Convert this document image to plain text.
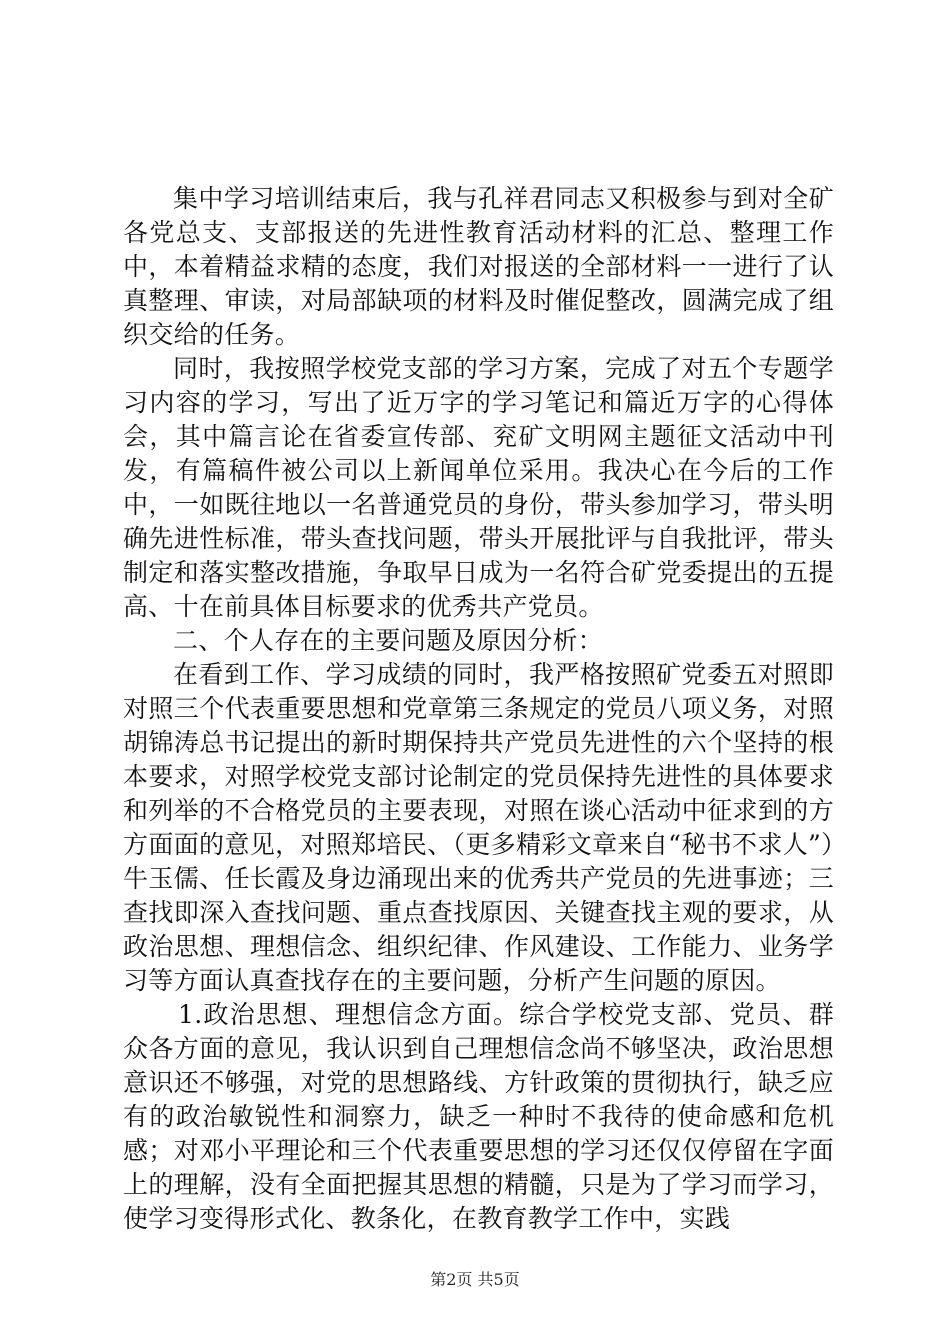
集中学习培训结束后，我与孔祥君同志又积极参与到对全矿各党总支、支部报送的先进性教育活动材料的汇总、整理工作中，本着精益求精的态度，我们对报送的全部材料一一进行了认真整理、审读，对局部缺项的材料及时催促整改，圆满完成了组织交给的任务。

同时，我按照学校党支部的学习方案，完成了对五个专题学习内容的学习，写出了近万字的学习笔记和篇近万字的心得体会，其中篇言论在省委宣传部、兖矿文明网主题征文活动中刊发，有篇稿件被公司以上新闻单位采用。我决心在今后的工作中，一如既往地以一名普通党员的身份，带头参加学习，带头明确先进性标准，带头查找问题，带头开展批评与自我批评，带头制定和落实整改措施，争取早日成为一名符合矿党委提出的五提高、十在前具体目标要求的优秀共产党员。

二、个人存在的主要问题及原因分析：

在看到工作、学习成绩的同时，我严格按照矿党委五对照即对照三个代表重要思想和党章第三条规定的党员八项义务，对照胡锦涛总书记提出的新时期保持共产党员先进性的六个坚持的根本要求，对照学校党支部讨论制定的党员保持先进性的具体要求和列举的不合格党员的主要表现，对照在谈心活动中征求到的方方面面的意见，对照郑培民、（更多精彩文章来自“秘书不求人”）牛玉儒、任长霞及身边涌现出来的优秀共产党员的先进事迹；三查找即深入查找问题、重点查找原因、关键查找主观的要求，从政治思想、理想信念、组织纪律、作风建设、工作能力、业务学习等方面认真查找存在的主要问题，分析产生问题的原因。

1.政治思想、理想信念方面。综合学校党支部、党员、群众各方面的意见，我认识到自己理想信念尚不够坚决，政治思想意识还不够强，对党的思想路线、方针政策的贯彻执行，缺乏应有的政治敏锐性和洞察力，缺乏一种时不我待的使命感和危机感；对邓小平理论和三个代表重要思想的学习还仅仅停留在字面上的理解，没有全面把握其思想的精髓，只是为了学习而学习，使学习变得形式化、教条化，在教育教学工作中，实践

第2页 共5页
